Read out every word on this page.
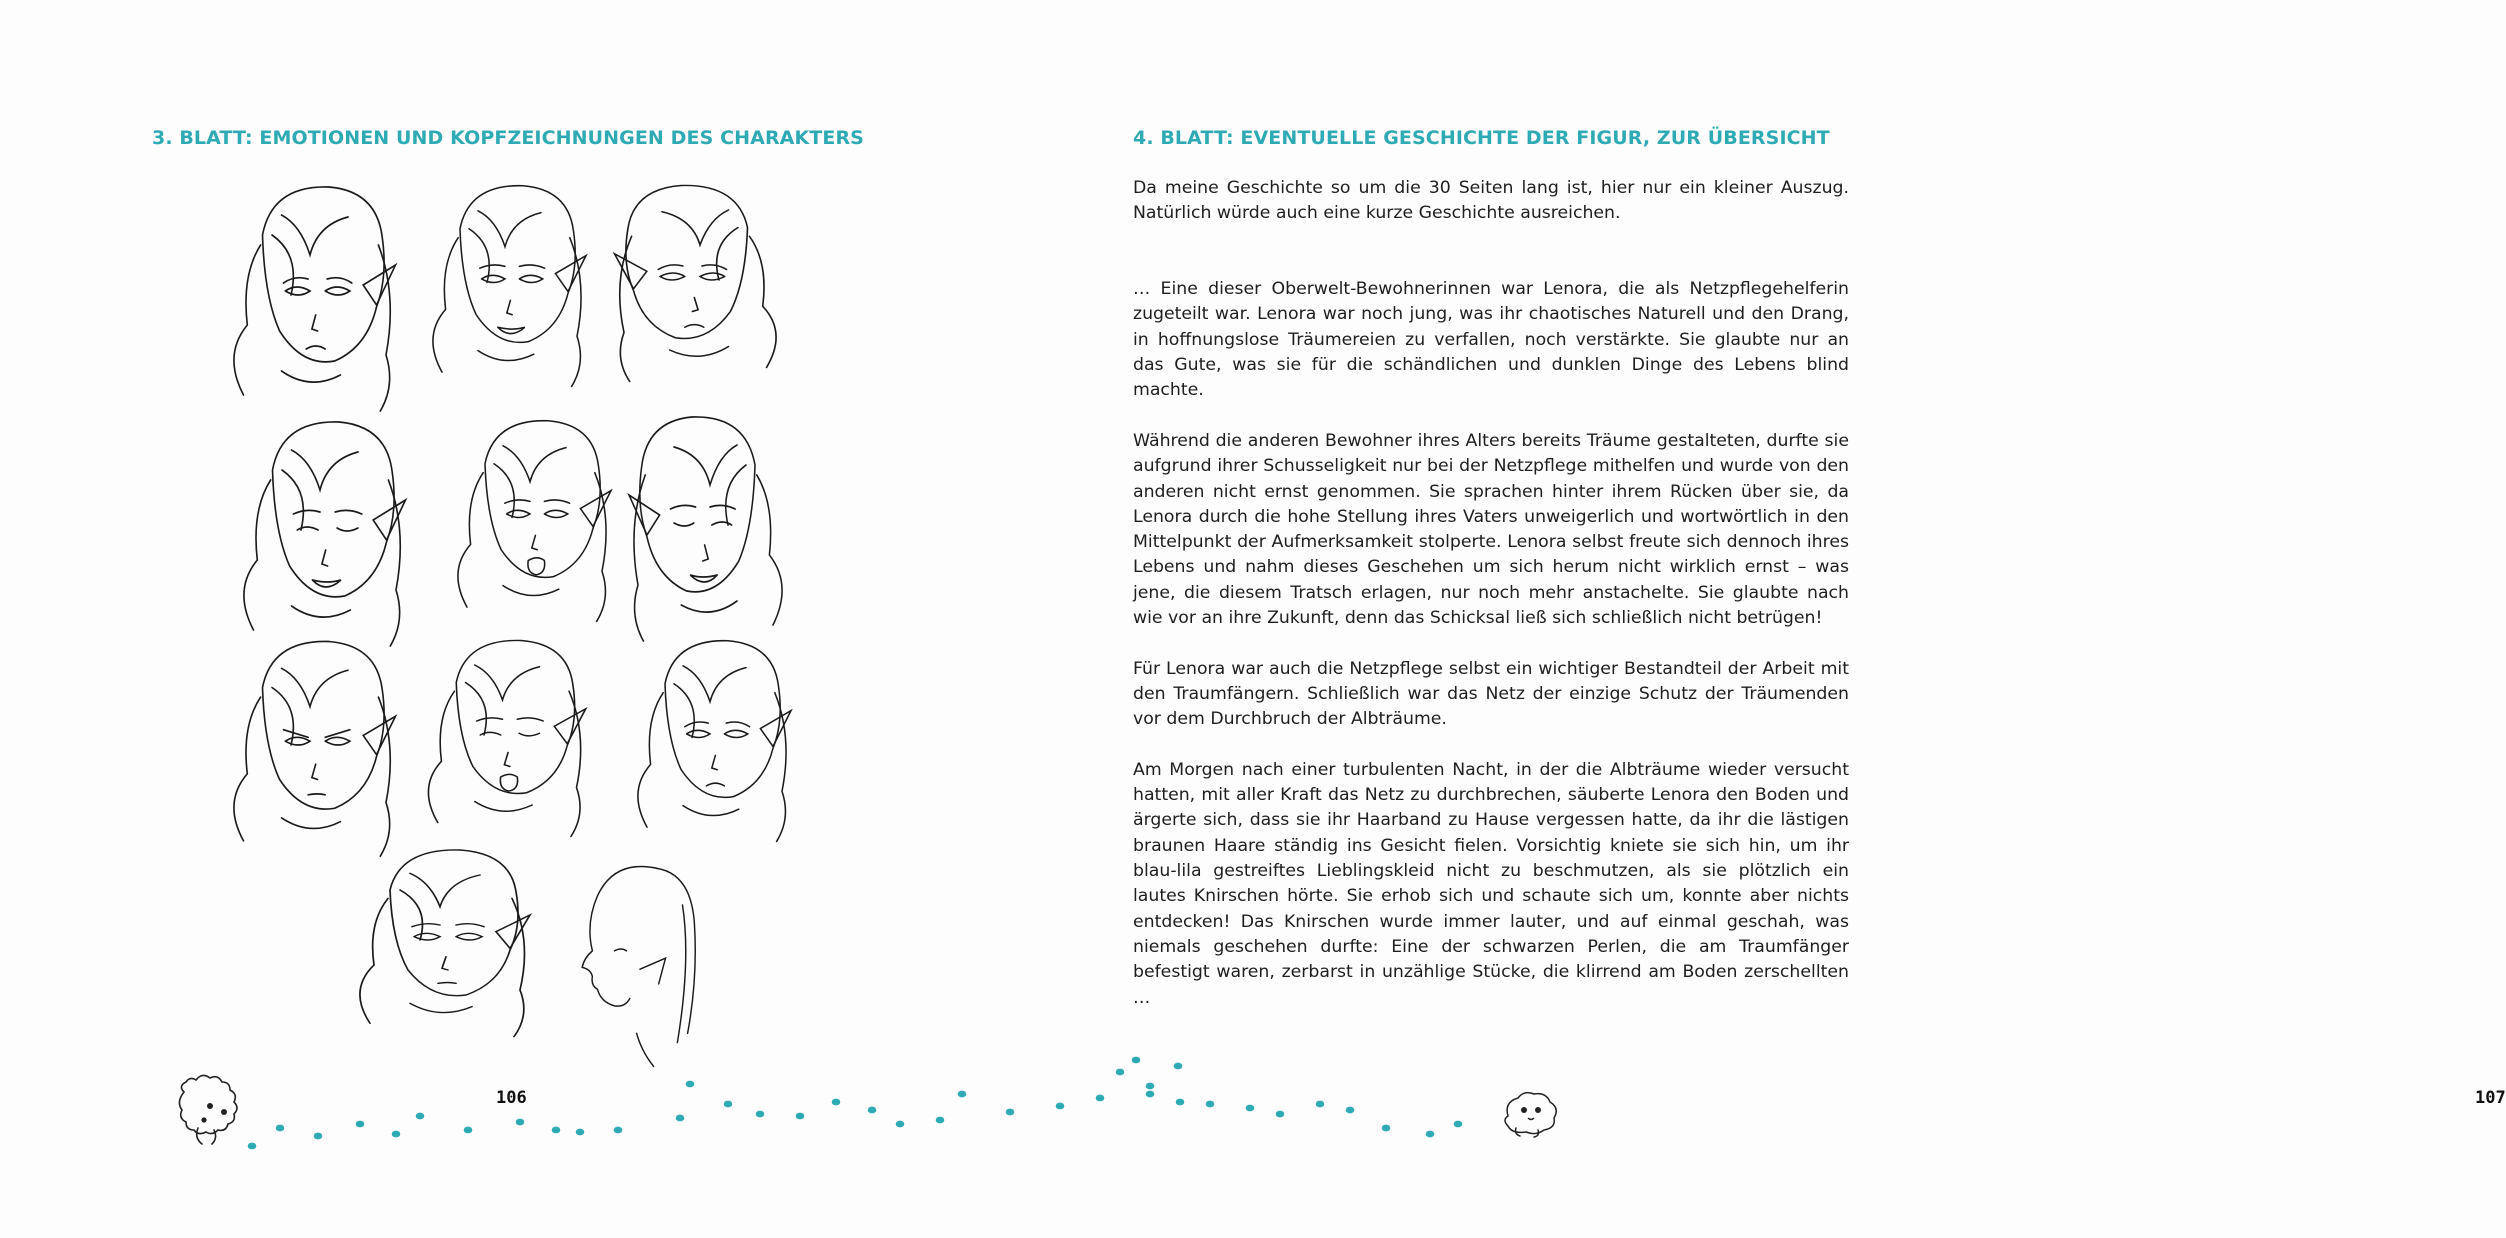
3. BLATT: EMOTIONEN UND KOPFZEICHNUNGEN DES CHARAKTERS
106
4. BLATT: EVENTUELLE GESCHICHTE DER FIGUR, ZUR ÜBERSICHT

Da meine Geschichte so um die 30 Seiten lang ist, hier nur ein kleiner Auszug. Natürlich würde auch eine kurze Geschichte ausreichen.

… Eine dieser Oberwelt-Bewohnerinnen war Lenora, die als Netzpflegehelferin zugeteilt war. Lenora war noch jung, was ihr chaotisches Naturell und den Drang, in hoffnungslose Träumereien zu verfallen, noch verstärkte. Sie glaubte nur an das Gute, was sie für die schändlichen und dunklen Dinge des Lebens blind machte.

Während die anderen Bewohner ihres Alters bereits Träume gestalteten, durfte sie aufgrund ihrer Schusseligkeit nur bei der Netzpflege mithelfen und wurde von den anderen nicht ernst genommen. Sie sprachen hinter ihrem Rücken über sie, da Lenora durch die hohe Stellung ihres Vaters unweigerlich und wortwörtlich in den Mittelpunkt der Aufmerksamkeit stolperte. Lenora selbst freute sich dennoch ihres Lebens und nahm dieses Geschehen um sich herum nicht wirklich ernst – was jene, die diesem Tratsch erlagen, nur noch mehr anstachelte. Sie glaubte nach wie vor an ihre Zukunft, denn das Schicksal ließ sich schließlich nicht betrügen!

Für Lenora war auch die Netzpflege selbst ein wichtiger Bestandteil der Arbeit mit den Traumfängern. Schließlich war das Netz der einzige Schutz der Träumenden vor dem Durchbruch der Albträume.

Am Morgen nach einer turbulenten Nacht, in der die Albträume wieder versucht hatten, mit aller Kraft das Netz zu durchbrechen, säuberte Lenora den Boden und ärgerte sich, dass sie ihr Haarband zu Hause vergessen hatte, da ihr die lästigen braunen Haare ständig ins Gesicht fielen. Vorsichtig kniete sie sich hin, um ihr blau-lila gestreiftes Lieblingskleid nicht zu beschmutzen, als sie plötzlich ein lautes Knirschen hörte. Sie erhob sich und schaute sich um, konnte aber nichts entdecken! Das Knirschen wurde immer lauter, und auf einmal geschah, was niemals geschehen durfte: Eine der schwarzen Perlen, die am Traumfänger befestigt waren, zerbarst in unzählige Stücke, die klirrend am Boden zerschellten …

107
